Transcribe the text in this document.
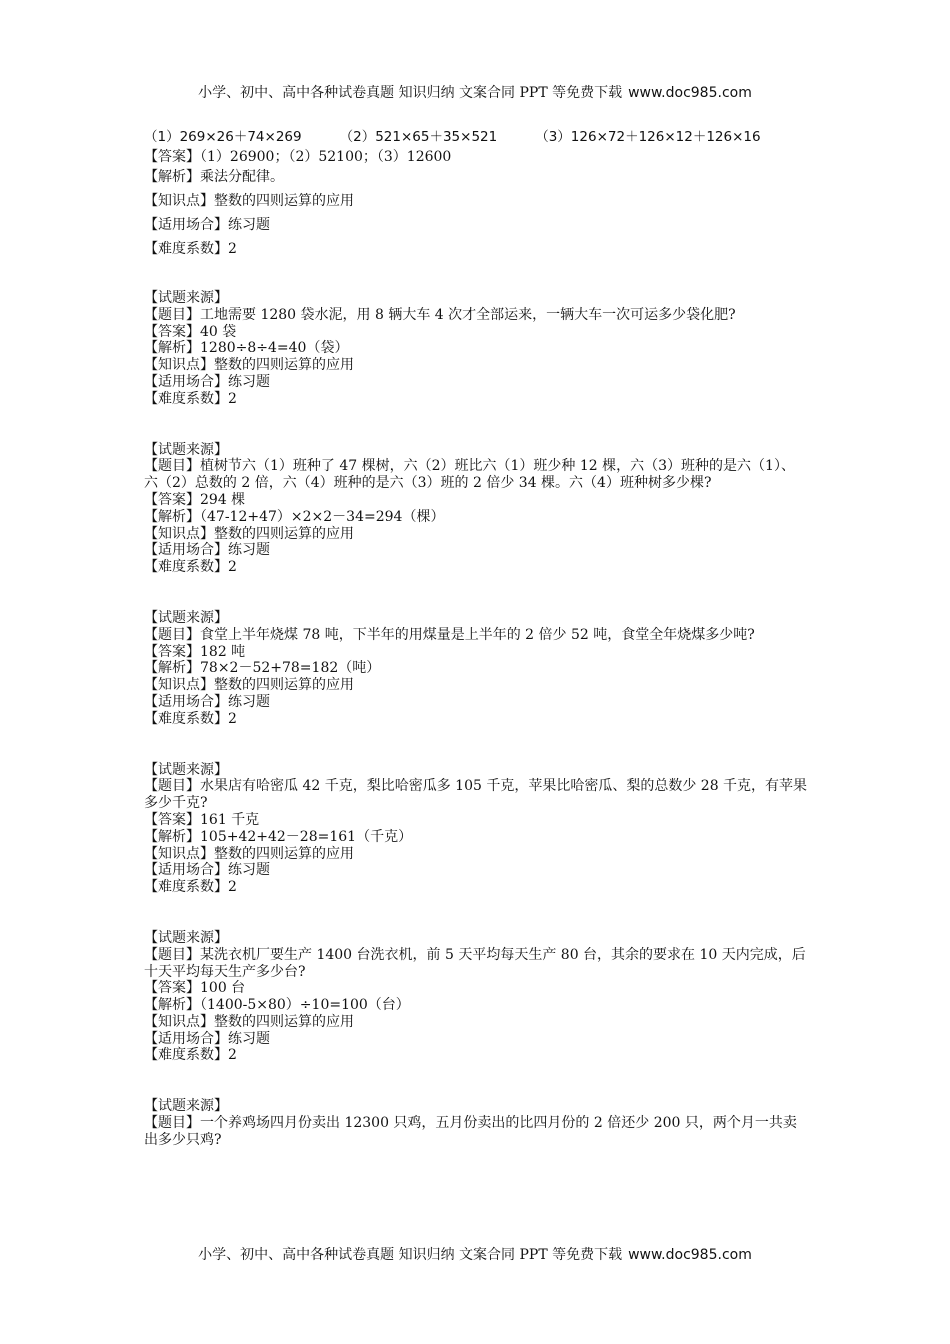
小学、初中、高中各种试卷真题 知识归纳 文案合同 PPT 等免费下载 www.doc985.com
（1）269×26＋74×269	（2）521×65＋35×521	（3）126×72＋126×12＋126×16
【答案】（1）26900；（2）52100；（3）12600
【解析】乘法分配律。
【知识点】整数的四则运算的应用
【适用场合】练习题
【难度系数】2
【试题来源】
【题目】工地需要 1280 袋水泥，用 8 辆大车 4 次才全部运来，一辆大车一次可运多少袋化肥?
【答案】40 袋
【解析】1280÷8÷4=40（袋）
【知识点】整数的四则运算的应用
【适用场合】练习题
【难度系数】2
【试题来源】
【题目】植树节六（1）班种了 47 棵树，六（2）班比六（1）班少种 12 棵，六（3）班种的是六（1）、六（2）总数的 2 倍，六（4）班种的是六（3）班的 2 倍少 34 棵。六（4）班种树多少棵?
【答案】294 棵
【解析】（47-12+47）×2×2－34=294（棵）
【知识点】整数的四则运算的应用
【适用场合】练习题
【难度系数】2
【试题来源】
【题目】食堂上半年烧煤 78 吨，下半年的用煤量是上半年的 2 倍少 52 吨，食堂全年烧煤多少吨?
【答案】182 吨
【解析】78×2－52+78=182（吨）
【知识点】整数的四则运算的应用
【适用场合】练习题
【难度系数】2
【试题来源】
【题目】水果店有哈密瓜 42 千克，梨比哈密瓜多 105 千克，苹果比哈密瓜、梨的总数少 28 千克，有苹果多少千克?
【答案】161 千克
【解析】105+42+42－28=161（千克）
【知识点】整数的四则运算的应用
【适用场合】练习题
【难度系数】2
【试题来源】
【题目】某洗衣机厂要生产 1400 台洗衣机，前 5 天平均每天生产 80 台，其余的要求在 10 天内完成，后十天平均每天生产多少台?
【答案】100 台
【解析】（1400-5×80）÷10=100（台）
【知识点】整数的四则运算的应用
【适用场合】练习题
【难度系数】2
【试题来源】
【题目】一个养鸡场四月份卖出 12300 只鸡，五月份卖出的比四月份的 2 倍还少 200 只，两个月一共卖出多少只鸡?
小学、初中、高中各种试卷真题 知识归纳 文案合同 PPT 等免费下载 www.doc985.com
